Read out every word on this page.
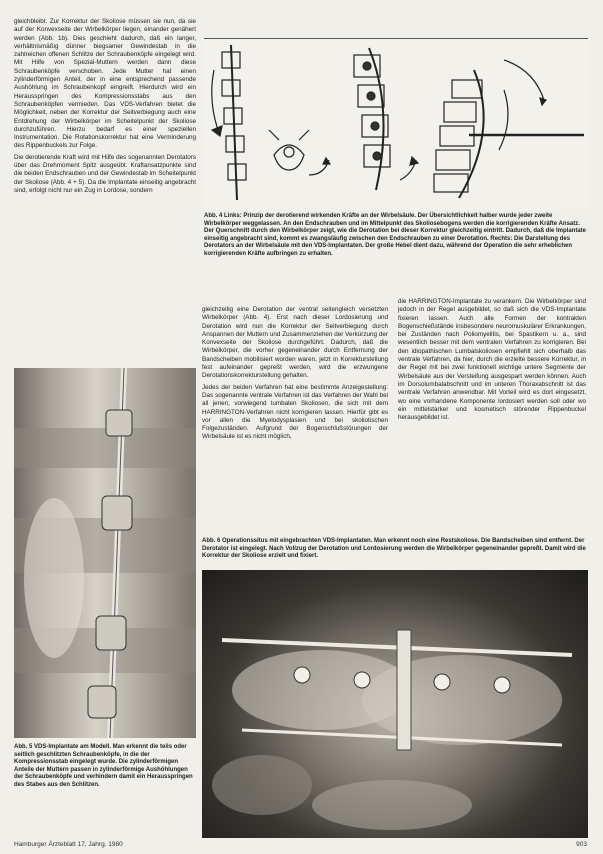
gleichbleibt. Zur Korrektur der Skoliose müssen sie nun, da sie auf der Konvexseite der Wirbelkörper liegen, einander genähert werden (Abb. 1b). Dies geschieht dadurch, daß ein langer, verhältnismäßig dünner biegsamer Gewindestab in die zahlreichen offenen Schlitze der Schraubenköpfe eingelegt wird. Mit Hilfe von Spezial-Muttern werden dann diese Schraubenköpfe verschoben. Jede Mutter hat einen zylinderförmigen Anteil, der in eine entsprechend passende Aushöhlung im Schraubenkopf eingreift. Hierdurch wird ein Herausspringen des Kompressionsstabs aus den Schraubenköpfen vermieden. Das VDS-Verfahren bietet die Möglichkeit, neben der Korrektur der Seitverbiegung auch eine Entdrehung der Wirbelkörper im Scheitelpunkt der Skoliose durchzuführen. Hierzu bedarf es einer speziellen Instrumentation. Die Rotationskorrektur hat eine Verminderung des Rippenbuckels zur Folge.

Die derotierende Kraft wird mit Hilfe des sogenannten Derotators über das Drehmoment Spitz ausgeübt. Kraftansatzpunkte sind die beiden Endschrauben und der Gewindestab im Scheitelpunkt der Skoliose (Abb. 4 + 5). Da die Implantate einseitig angebracht sind, erfolgt nicht nur ein Zug in Lordose, sondern

Abb. 4 Links: Prinzip der derotierend wirkenden Kräfte an der Wirbelsäule. Der Übersichtlichkeit halber wurde jeder zweite Wirbelkörper weggelassen. An den Endschrauben und im Mittelpunkt des Skoliosebogens werden die korrigierenden Kräfte Ansatz. Der Querschnitt durch den Wirbelkörper zeigt, wie die Derotation bei dieser Korrektur gleichzeitig eintritt. Dadurch, daß die Implantate einseitig angebracht sind, kommt es zwangsläufig zwischen den Endschrauben zu einer Derotation. Rechts: Die Darstellung des Derotators an der Wirbelsäule mit den VDS-Implantaten. Der große Hebel dient dazu, während der Operation die sehr erheblichen korrigierenden Kräfte aufbringen zu erhalten.

gleichzeitig eine Derotation der ventral seitengleich versetzten Wirbelkörper (Abb. 4). Erst nach dieser Lordosierung und Derotation wird nun die Korrektur der Seitverbiegung durch Anspannen der Muttern und Zusammenziehen der Verkürzung der Konvexseite der Skoliose durchgeführt. Dadurch, daß die Wirbelkörper, die vorher gegeneinander durch Entfernung der Bandscheiben mobilisiert worden waren, jetzt in Korrekturstellung fest aufeinander gepreßt werden, wird die erzwungene Derotationskorrekturstellung gehalten.

Jedes der beiden Verfahren hat eine bestimmte Anzeigestellung: Das sogenannte ventrale Verfahren ist das Verfahren der Wahl bei all jenen, vorwiegend lumbalen Skoliosen, die sich mit dem HARRINGTON-Verfahren nicht korrigieren lassen. Hierfür gibt es vor allen die Myelodysplasien und bei skoliotischen Folgezuständen. Aufgrund der Bogenschlußstörungen der Wirbelsäule ist es nicht möglich,

die HARRINGTON-Implantate zu verankern. Die Wirbelkörper sind jedoch in der Regel ausgebildet, so daß sich die VDS-Implantate fixieren lassen. Auch alle Formen der kontrakten Bogenschießstände insbesondere neuromuskulärer Erkrankungen, bei Zuständen nach Poliomyelitis, bei Spastikern u. a., sind wesentlich besser mit dem ventralen Verfahren zu korrigieren. Bei den idiopathischen Lumbalskoliosen empfiehlt sich oberhalb das ventrale Verfahren, da hier, durch die erzielte bessere Korrektur, in der Regel mit bei zwei funktionell wichtige untere Segmente der Wirbelsäule aus der Versteifung ausgespart werden können. Auch im Dorsolumbalabschnitt und im unteren Thoraxabschnitt ist das ventrale Verfahren anwendbar. Mit Vorteil wird es dort eingesetzt, wo eine vorhandene Komponente lordosiert werden soll oder wo ein mittelstarker und kosmetisch störender Rippenbuckel herausgebildet ist.

Abb. 5 VDS-Implantate am Modell. Man erkennt die teils oder seitlich geschlitzten Schraubenköpfe, in die der Kompressionsstab eingelegt wurde. Die zylinderförmigen Anteile der Muttern passen in zylinderförmige Aushöhlungen der Schraubenköpfe und verhindern damit ein Herausspringen des Stabes aus den Schlitzen.
Abb. 6 Operationssitus mit eingebrachten VDS-Implantaten. Man erkennt noch eine Restskoliose. Die Bandscheiben sind entfernt. Der Derotator ist eingelegt. Nach Vollzug der Derotation und Lordosierung werden die Wirbelkörper gegeneinander gepreßt. Damit wird die Korrektur der Skoliose erzielt und fixiert.
Hamburger Ärzteblatt 17, Jahrg. 1980	903
